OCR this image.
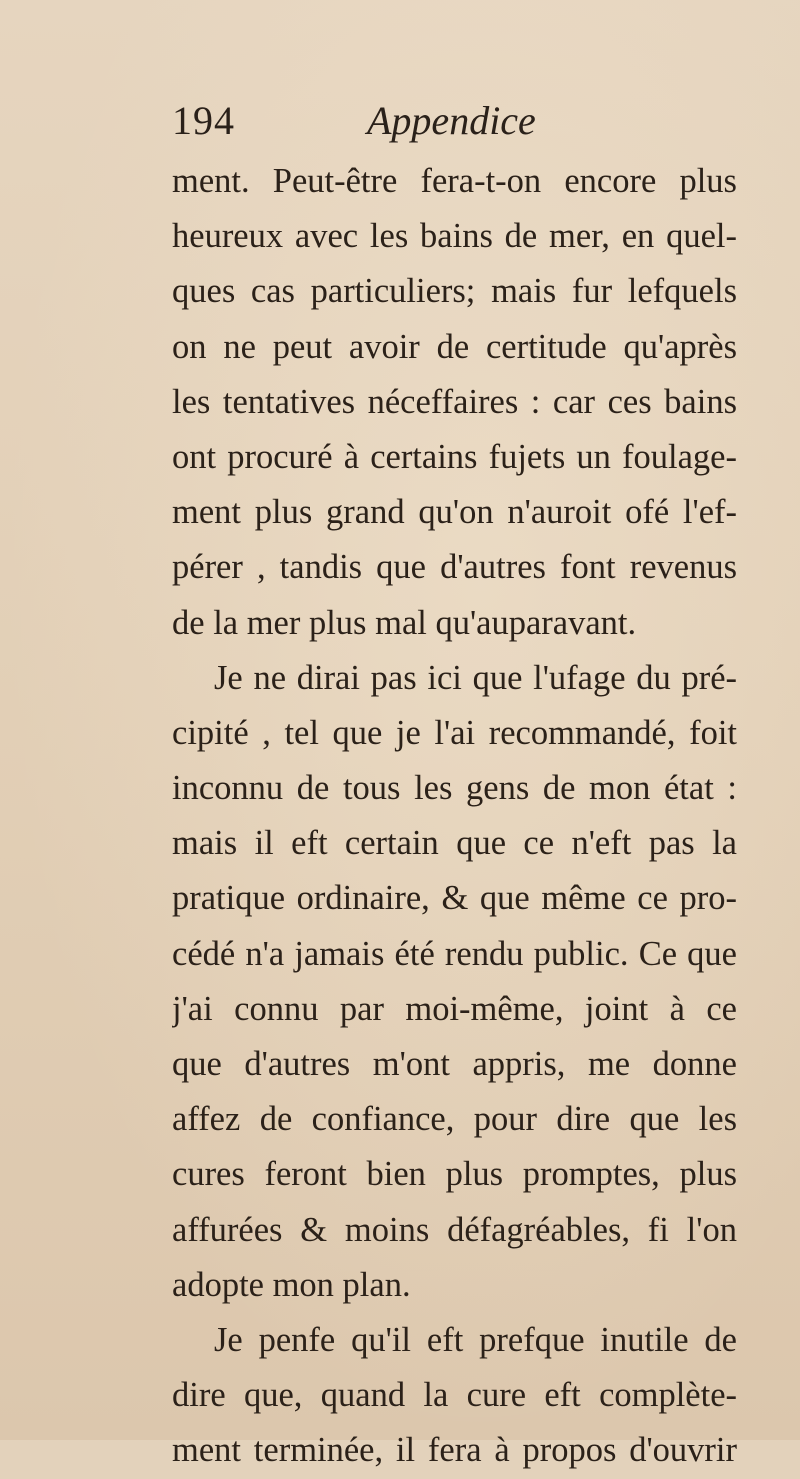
194	Appendice
ment. Peut-être fera-t-on encore plus
heureux avec les bains de mer, en quel-
ques cas particuliers; mais fur lefquels
on ne peut avoir de certitude qu'après
les tentatives néceffaires : car ces bains
ont procuré à certains fujets un foulage-
ment plus grand qu'on n'auroit ofé l'ef-
pérer , tandis que d'autres font revenus
de la mer plus mal qu'auparavant.
Je ne dirai pas ici que l'ufage du pré-
cipité , tel que je l'ai recommandé, foit
inconnu de tous les gens de mon état :
mais il eft certain que ce n'eft pas la
pratique ordinaire, & que même ce pro-
cédé n'a jamais été rendu public. Ce que
j'ai connu par moi-même, joint à ce
que d'autres m'ont appris, me donne
affez de confiance, pour dire que les
cures feront bien plus promptes, plus
affurées & moins défagréables, fi l'on
adopte mon plan.
Je penfe qu'il eft prefque inutile de
dire que, quand la cure eft complète-
ment terminée, il fera à propos d'ouvrir
